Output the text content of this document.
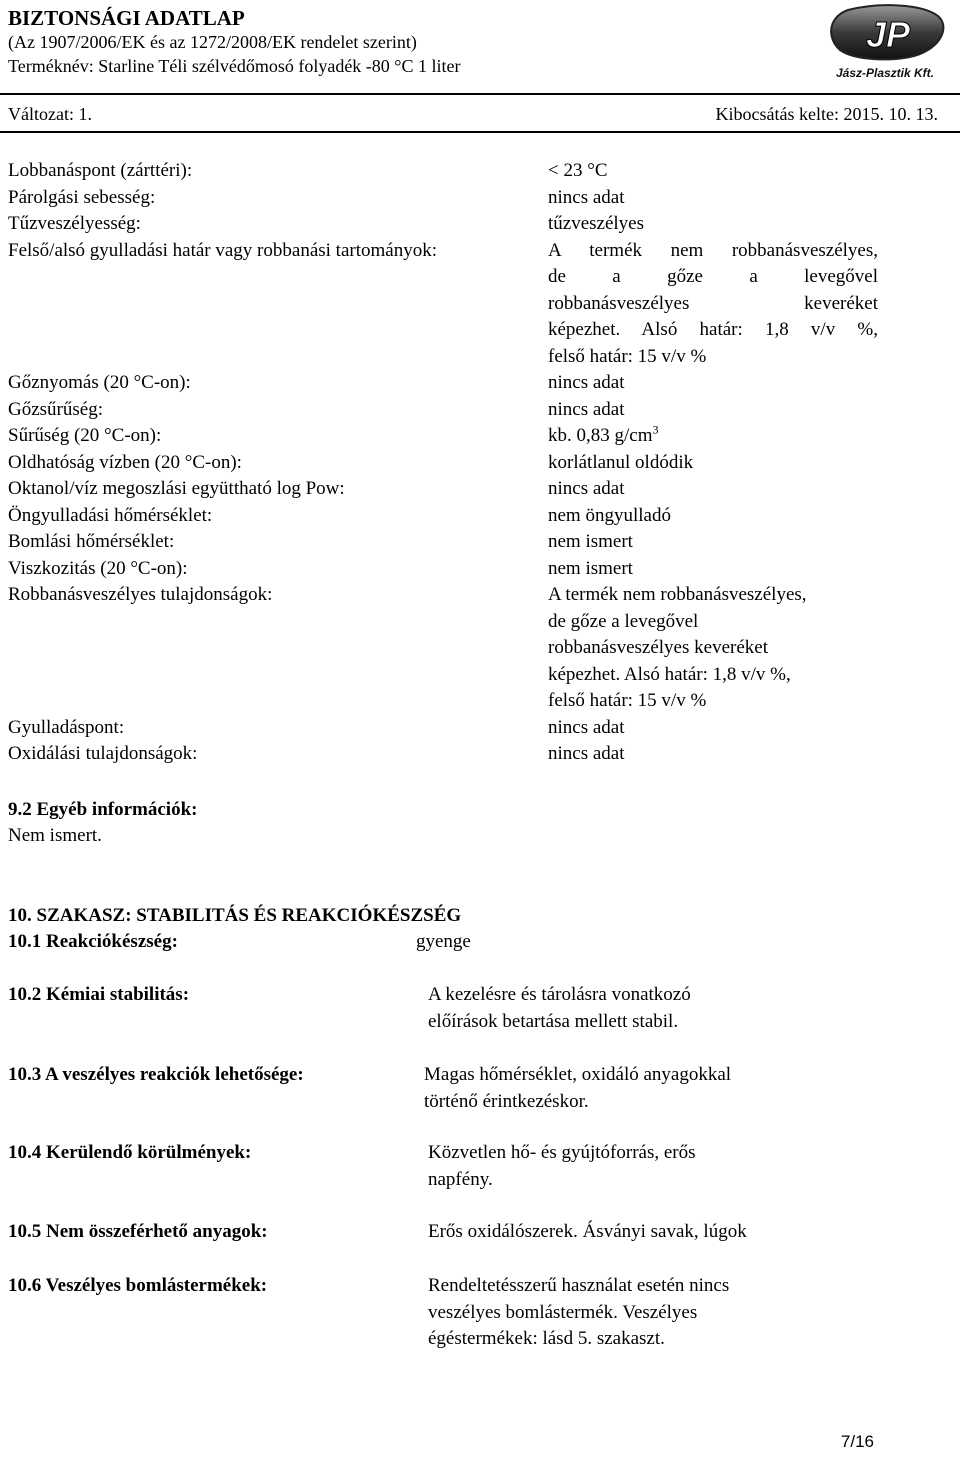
BIZTONSÁGI ADATLAP
(Az 1907/2006/EK és az 1272/2008/EK rendelet szerint)
Terméknév: Starline Téli szélvédőmosó folyadék -80 °C 1 liter
JP
Jász-Plasztik Kft.
Változat: 1.	Kibocsátás kelte: 2015. 10. 13.
Lobbanáspont (zárttéri):	< 23 °C
Párolgási sebesség:	nincs adat
Tűzveszélyesség:	tűzveszélyes
Felső/alsó gyulladási határ vagy robbanási tartományok:	A termék nem robbanásveszélyes,
de a gőze a levegővel
robbanásveszélyes keveréket
képezhet. Alsó határ: 1,8 v/v %,
felső határ: 15 v/v %
Gőznyomás (20 °C-on):	nincs adat
Gőzsűrűség:	nincs adat
Sűrűség (20 °C-on):	kb. 0,83 $g/cm^3$
Oldhatóság vízben (20 °C-on):	korlátlanul oldódik
Oktanol/víz megoszlási együttható log Pow:	nincs adat
Öngyulladási hőmérséklet:	nem öngyulladó
Bomlási hőmérséklet:	nem ismert
Viszkozitás (20 °C-on):	nem ismert
Robbanásveszélyes tulajdonságok:	A termék nem robbanásveszélyes,
de gőze a levegővel
robbanásveszélyes keveréket
képezhet. Alsó határ: 1,8 v/v %,
felső határ: 15 v/v %
Gyulladáspont:	nincs adat
Oxidálási tulajdonságok:	nincs adat
9.2 Egyéb információk:
Nem ismert.
10. SZAKASZ: STABILITÁS ÉS REAKCIÓKÉSZSÉG
10.1 Reakciókészség:	gyenge
10.2 Kémiai stabilitás:	A kezelésre és tárolásra vonatkozó
előírások betartása mellett stabil.
10.3 A veszélyes reakciók lehetősége:	Magas hőmérséklet, oxidáló anyagokkal
történő érintkezéskor.
10.4 Kerülendő körülmények:	Közvetlen hő- és gyújtóforrás, erős
napfény.
10.5 Nem összeférhető anyagok:	Erős oxidálószerek. Ásványi savak, lúgok
10.6 Veszélyes bomlástermékek:	Rendeltetésszerű használat esetén nincs
veszélyes bomlástermék. Veszélyes
égéstermékek: lásd 5. szakaszt.
7/16
